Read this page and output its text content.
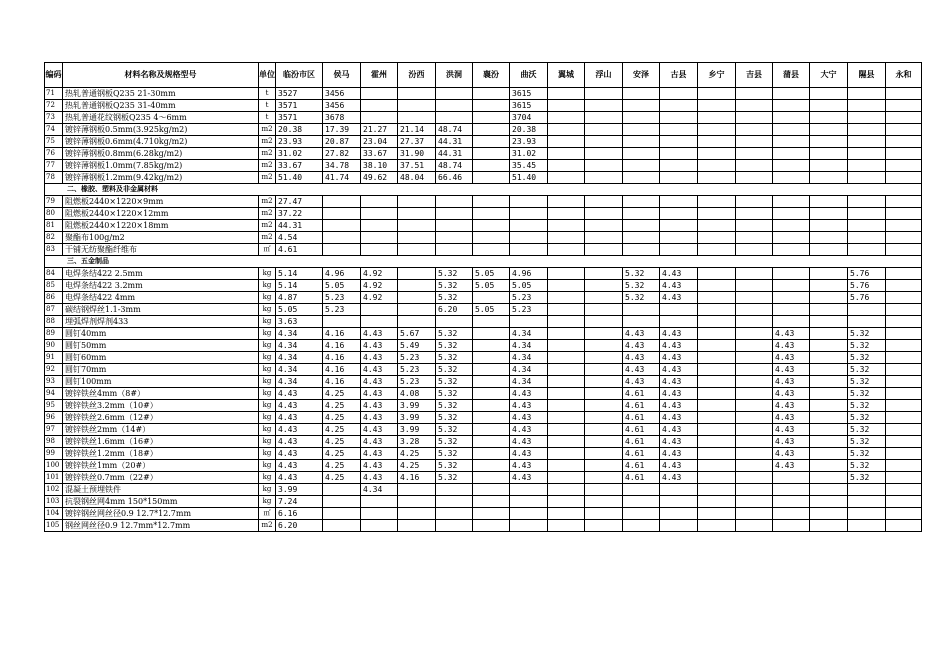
编码	材料名称及规格型号	单位	临汾市区	侯马	霍州	汾西	洪洞	襄汾	曲沃	翼城	浮山	安泽	古县	乡宁	吉县	蒲县	大宁	隰县	永和
71	热轧普通钢板Q235 21-30mm	t	3527	3456					3615										
72	热轧普通钢板Q235 31-40mm	t	3571	3456					3615										
73	热轧普通花纹钢板Q235 4～6mm	t	3571	3678					3704										
74	镀锌薄钢板0.5mm(3.925kg/m2)	m2	20.38	17.39	21.27	21.14	48.74		20.38										
75	镀锌薄钢板0.6mm(4.710kg/m2)	m2	23.93	20.87	23.04	27.37	44.31		23.93										
76	镀锌薄钢板0.8mm(6.28kg/m2)	m2	31.02	27.82	33.67	31.90	44.31		31.02										
77	镀锌薄钢板1.0mm(7.85kg/m2)	m2	33.67	34.78	38.10	37.51	48.74		35.45										
78	镀锌薄钢板1.2mm(9.42kg/m2)	m2	51.40	41.74	49.62	48.04	66.46		51.40										
二、橡胶、塑料及非金属材料																			
79	阻燃板2440×1220×9mm	m2	27.47																
80	阻燃板2440×1220×12mm	m2	37.22																
81	阻燃板2440×1220×18mm	m2	44.31																
82	聚酯布100g/m2	m2	4.54																
83	干铺无纺聚酯纤维布	㎡	4.61																
三、五金制品																			
84	电焊条结422 2.5mm	kg	5.14	4.96	4.92		5.32	5.05	4.96			5.32	4.43					5.76	
85	电焊条结422 3.2mm	kg	5.14	5.05	4.92		5.32	5.05	5.05			5.32	4.43					5.76	
86	电焊条结422 4mm	kg	4.87	5.23	4.92		5.32		5.23			5.32	4.43					5.76	
87	碳结钢焊丝1.1-3mm	kg	5.05	5.23			6.20	5.05	5.23										
88	埋弧焊剂焊剂433	kg	3.63																
89	圆钉40mm	kg	4.34	4.16	4.43	5.67	5.32		4.34			4.43	4.43			4.43		5.32	
90	圆钉50mm	kg	4.34	4.16	4.43	5.49	5.32		4.34			4.43	4.43			4.43		5.32	
91	圆钉60mm	kg	4.34	4.16	4.43	5.23	5.32		4.34			4.43	4.43			4.43		5.32	
92	圆钉70mm	kg	4.34	4.16	4.43	5.23	5.32		4.34			4.43	4.43			4.43		5.32	
93	圆钉100mm	kg	4.34	4.16	4.43	5.23	5.32		4.34			4.43	4.43			4.43		5.32	
94	镀锌铁丝4mm（8#）	kg	4.43	4.25	4.43	4.08	5.32		4.43			4.61	4.43			4.43		5.32	
95	镀锌铁丝3.2mm（10#）	kg	4.43	4.25	4.43	3.99	5.32		4.43			4.61	4.43			4.43		5.32	
96	镀锌铁丝2.6mm（12#）	kg	4.43	4.25	4.43	3.99	5.32		4.43			4.61	4.43			4.43		5.32	
97	镀锌铁丝2mm（14#）	kg	4.43	4.25	4.43	3.99	5.32		4.43			4.61	4.43			4.43		5.32	
98	镀锌铁丝1.6mm（16#）	kg	4.43	4.25	4.43	3.28	5.32		4.43			4.61	4.43			4.43		5.32	
99	镀锌铁丝1.2mm（18#）	kg	4.43	4.25	4.43	4.25	5.32		4.43			4.61	4.43			4.43		5.32	
100	镀锌铁丝1mm（20#）	kg	4.43	4.25	4.43	4.25	5.32		4.43			4.61	4.43			4.43		5.32	
101	镀锌铁丝0.7mm（22#）	kg	4.43	4.25	4.43	4.16	5.32		4.43			4.61	4.43					5.32	
102	混凝土预埋铁件	kg	3.99		4.34														
103	抗裂钢丝网4mm 150*150mm	kg	7.24																
104	镀锌钢丝网丝径0.9 12.7*12.7mm	㎡	6.16																
105	钢丝网丝径0.9 12.7mm*12.7mm	m2	6.20																
